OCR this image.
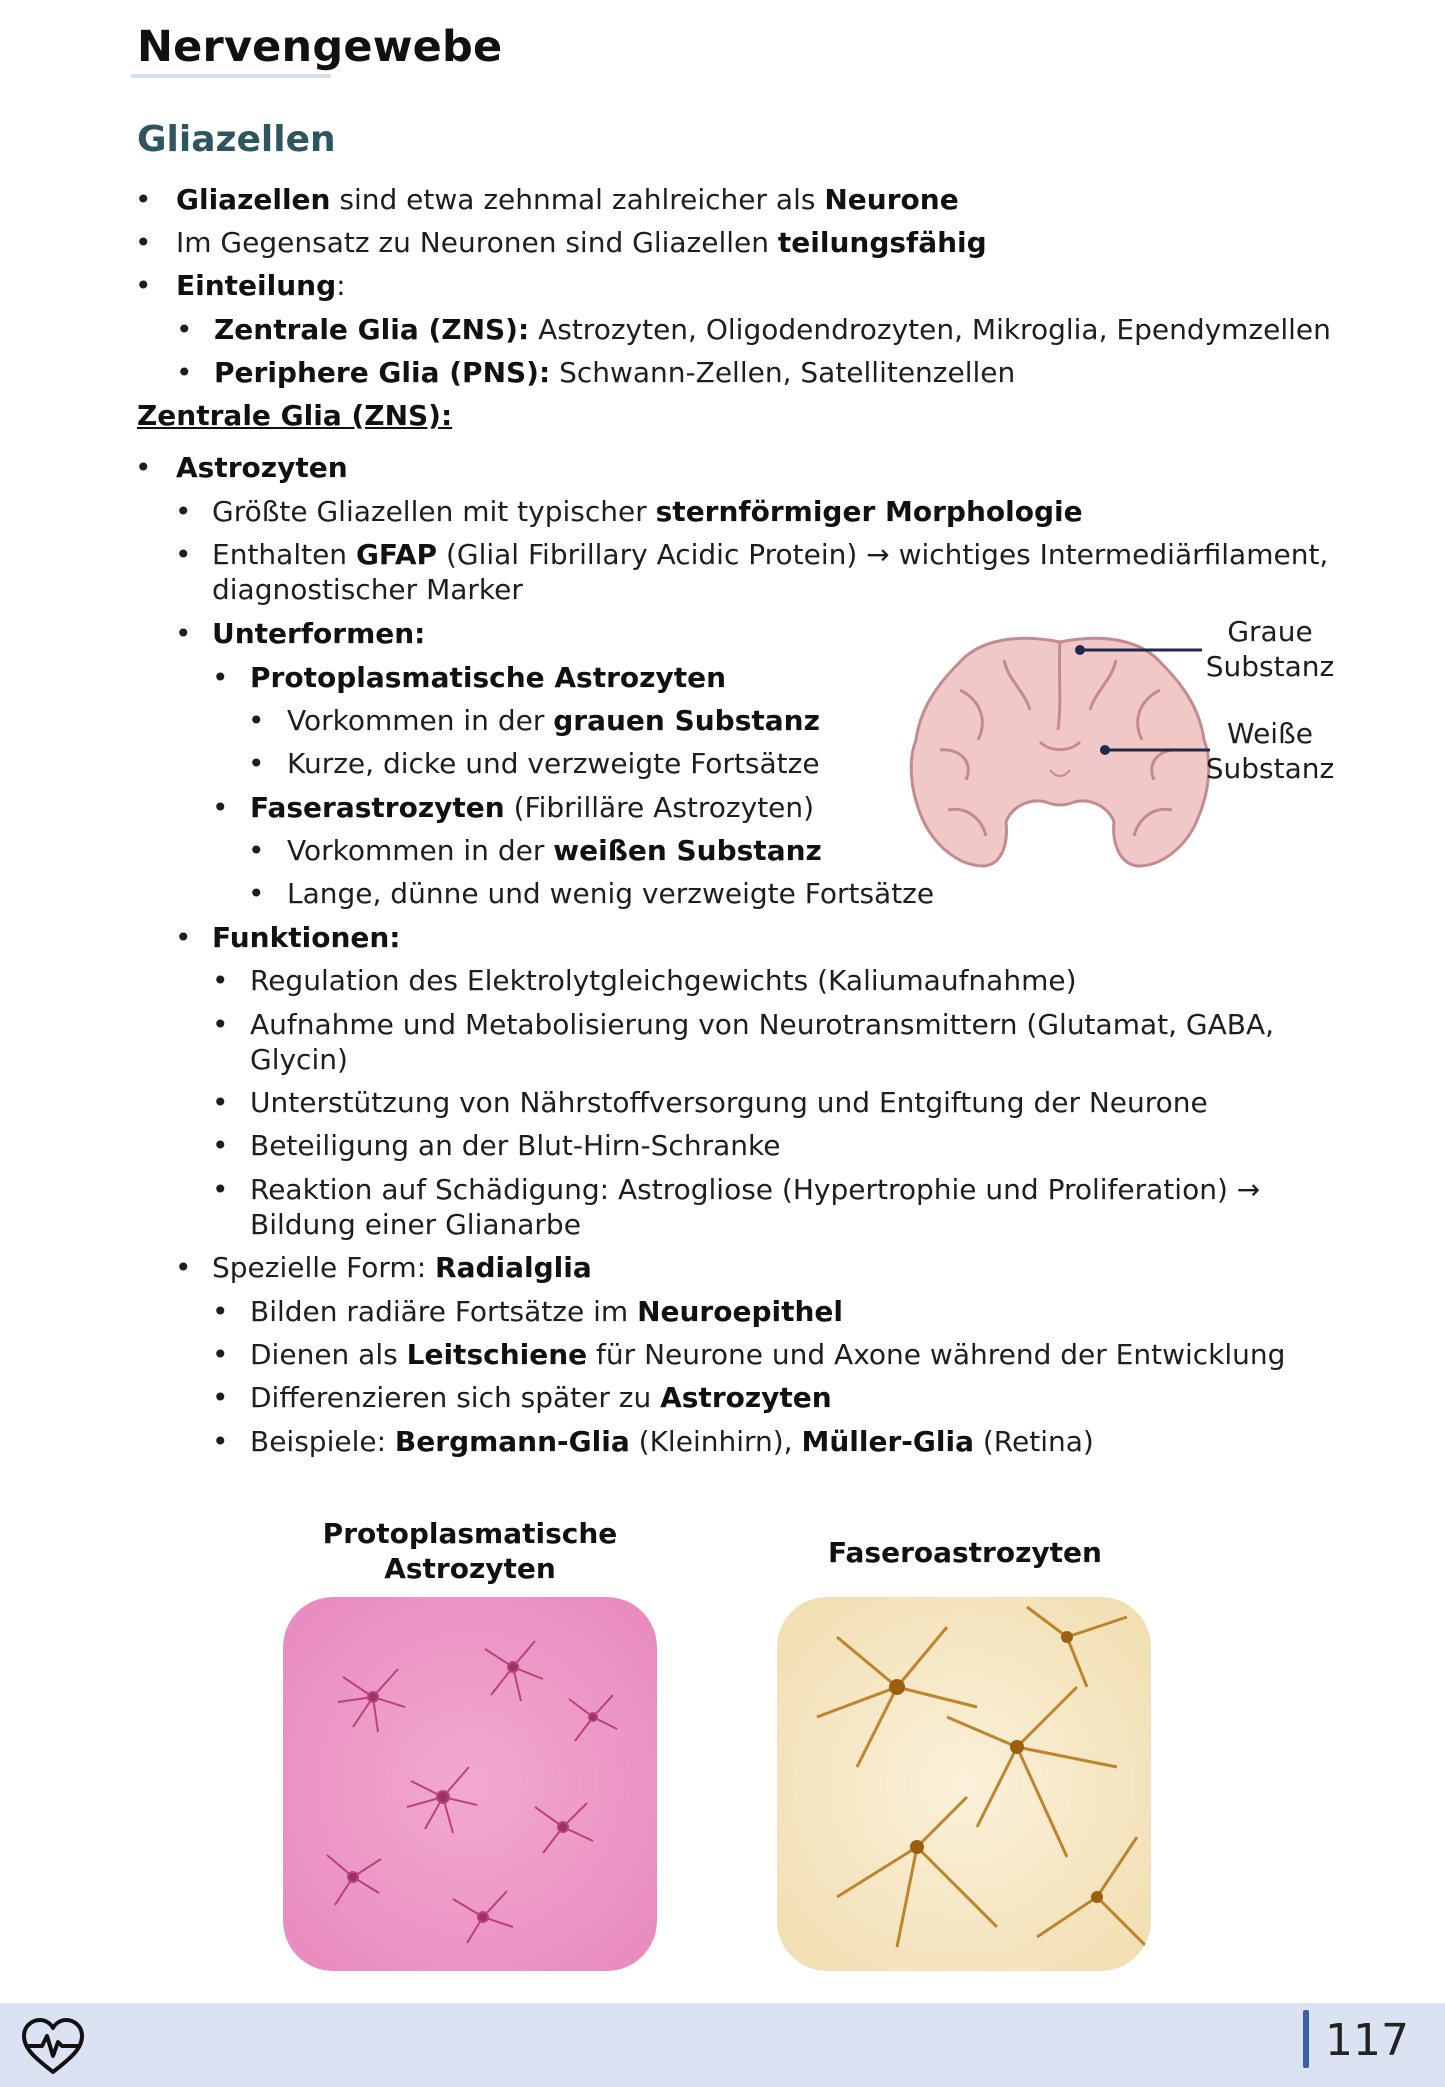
Nervengewebe
Gliazellen
• Gliazellen sind etwa zehnmal zahlreicher als Neurone
• Im Gegensatz zu Neuronen sind Gliazellen teilungsfähig
• Einteilung:
• Zentrale Glia (ZNS): Astrozyten, Oligodendrozyten, Mikroglia, Ependymzellen
• Periphere Glia (PNS): Schwann-Zellen, Satellitenzellen
Zentrale Glia (ZNS):
• Astrozyten
• Größte Gliazellen mit typischer sternförmiger Morphologie
• Enthalten GFAP (Glial Fibrillary Acidic Protein) → wichtiges Intermediärfilament,
diagnostischer Marker
• Unterformen:
• Protoplasmatische Astrozyten
• Vorkommen in der grauen Substanz
• Kurze, dicke und verzweigte Fortsätze
• Faserastrozyten (Fibrilläre Astrozyten)
• Vorkommen in der weißen Substanz
• Lange, dünne und wenig verzweigte Fortsätze
• Funktionen:
• Regulation des Elektrolytgleichgewichts (Kaliumaufnahme)
• Aufnahme und Metabolisierung von Neurotransmittern (Glutamat, GABA,
Glycin)
• Unterstützung von Nährstoffversorgung und Entgiftung der Neurone
• Beteiligung an der Blut-Hirn-Schranke
• Reaktion auf Schädigung: Astrogliose (Hypertrophie und Proliferation) →
Bildung einer Glianarbe
• Spezielle Form: Radialglia
• Bilden radiäre Fortsätze im Neuroepithel
• Dienen als Leitschiene für Neurone und Axone während der Entwicklung
• Differenzieren sich später zu Astrozyten
• Beispiele: Bergmann-Glia (Kleinhirn), Müller-Glia (Retina)
Graue
Substanz
Weiße
Substanz
Protoplasmatische
Astrozyten	Faseroastrozyten
117
